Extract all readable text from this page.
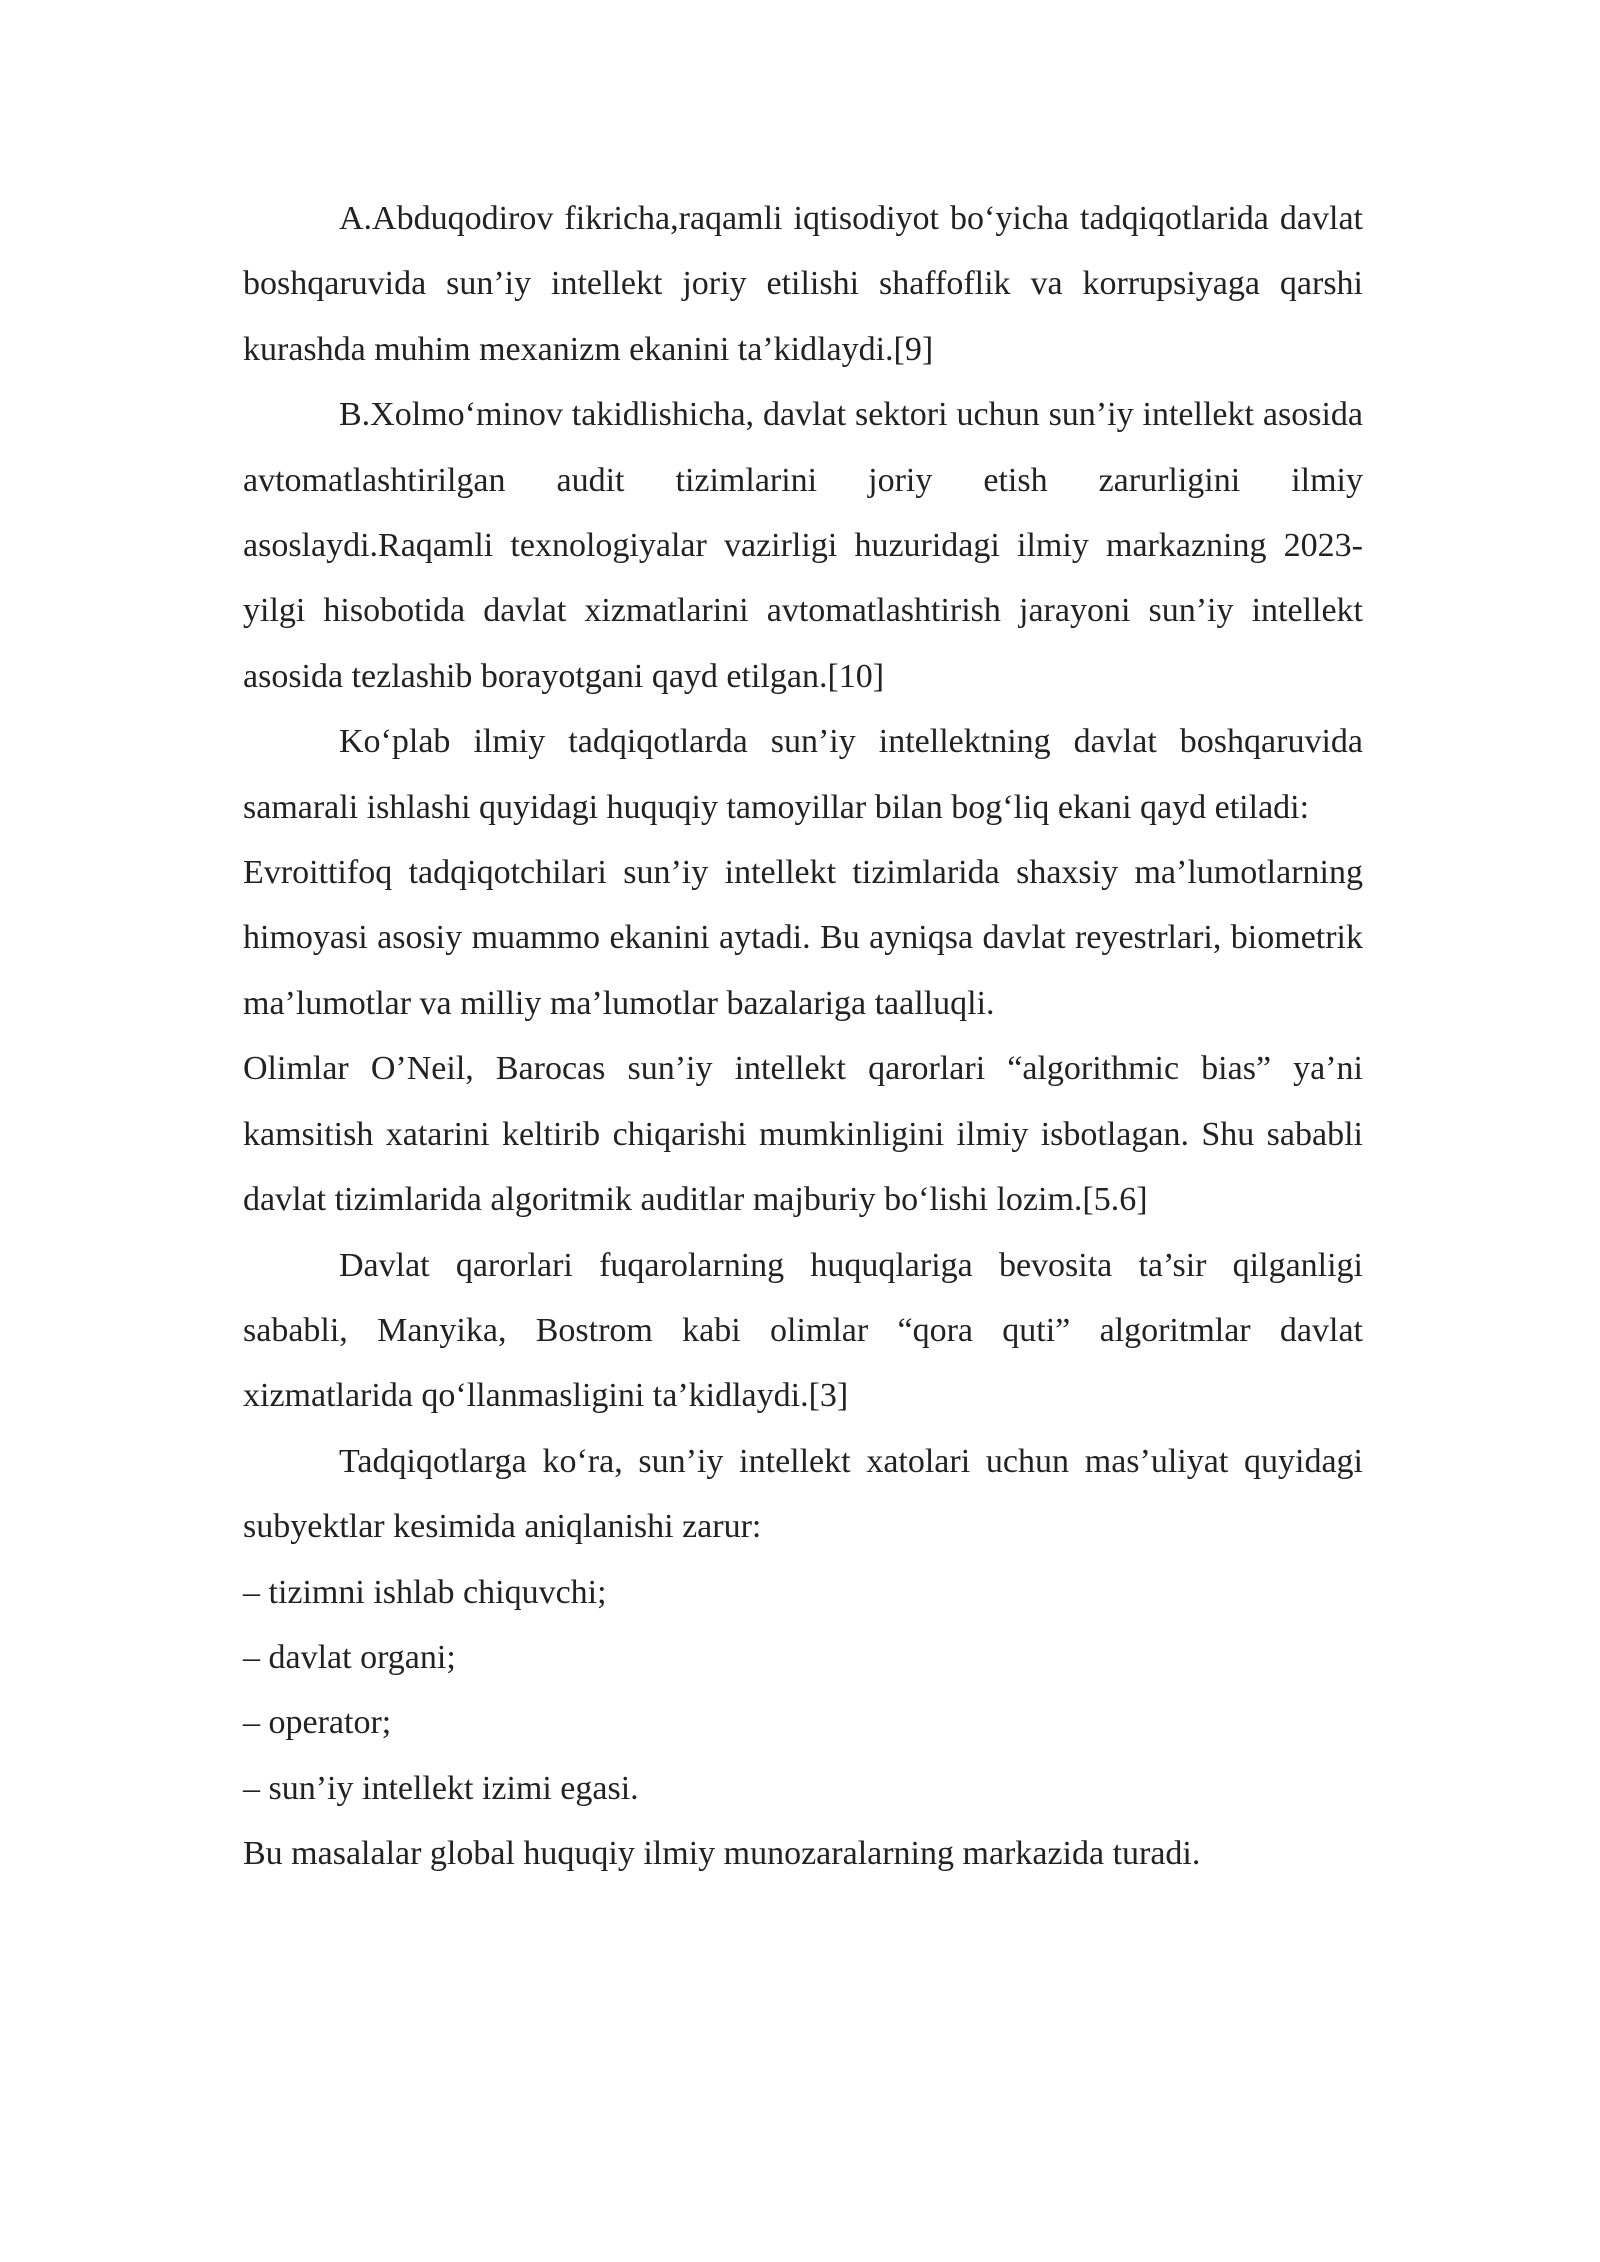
A.Abduqodirov fikricha,raqamli iqtisodiyot bo‘yicha tadqiqotlarida davlat boshqaruvida sun’iy intellekt joriy etilishi shaffoflik va korrupsiyaga qarshi kurashda muhim mexanizm ekanini ta’kidlaydi.[9]

B.Xolmo‘minov takidlishicha, davlat sektori uchun sun’iy intellekt asosida avtomatlashtirilgan audit tizimlarini joriy etish zarurligini ilmiy asoslaydi.Raqamli texnologiyalar vazirligi huzuridagi ilmiy markazning 2023-yilgi hisobotida davlat xizmatlarini avtomatlashtirish jarayoni sun’iy intellekt asosida tezlashib borayotgani qayd etilgan.[10]

Ko‘plab ilmiy tadqiqotlarda sun’iy intellektning davlat boshqaruvida samarali ishlashi quyidagi huquqiy tamoyillar bilan bog‘liq ekani qayd etiladi:

Evroittifoq tadqiqotchilari sun’iy intellekt tizimlarida shaxsiy ma’lumotlarning himoyasi asosiy muammo ekanini aytadi. Bu ayniqsa davlat reyestrlari, biometrik ma’lumotlar va milliy ma’lumotlar bazalariga taalluqli.

Olimlar O’Neil, Barocas sun’iy intellekt qarorlari “algorithmic bias” ya’ni kamsitish xatarini keltirib chiqarishi mumkinligini ilmiy isbotlagan. Shu sababli davlat tizimlarida algoritmik auditlar majburiy bo‘lishi lozim.[5.6]

Davlat qarorlari fuqarolarning huquqlariga bevosita ta’sir qilganligi sababli, Manyika, Bostrom kabi olimlar “qora quti” algoritmlar davlat xizmatlarida qo‘llanmasligini ta’kidlaydi.[3]

Tadqiqotlarga ko‘ra, sun’iy intellekt xatolari uchun mas’uliyat quyidagi subyektlar kesimida aniqlanishi zarur:

– tizimni ishlab chiquvchi;

– davlat organi;

– operator;

– sun’iy intellekt izimi egasi.

Bu masalalar global huquqiy ilmiy munozaralarning markazida turadi.
